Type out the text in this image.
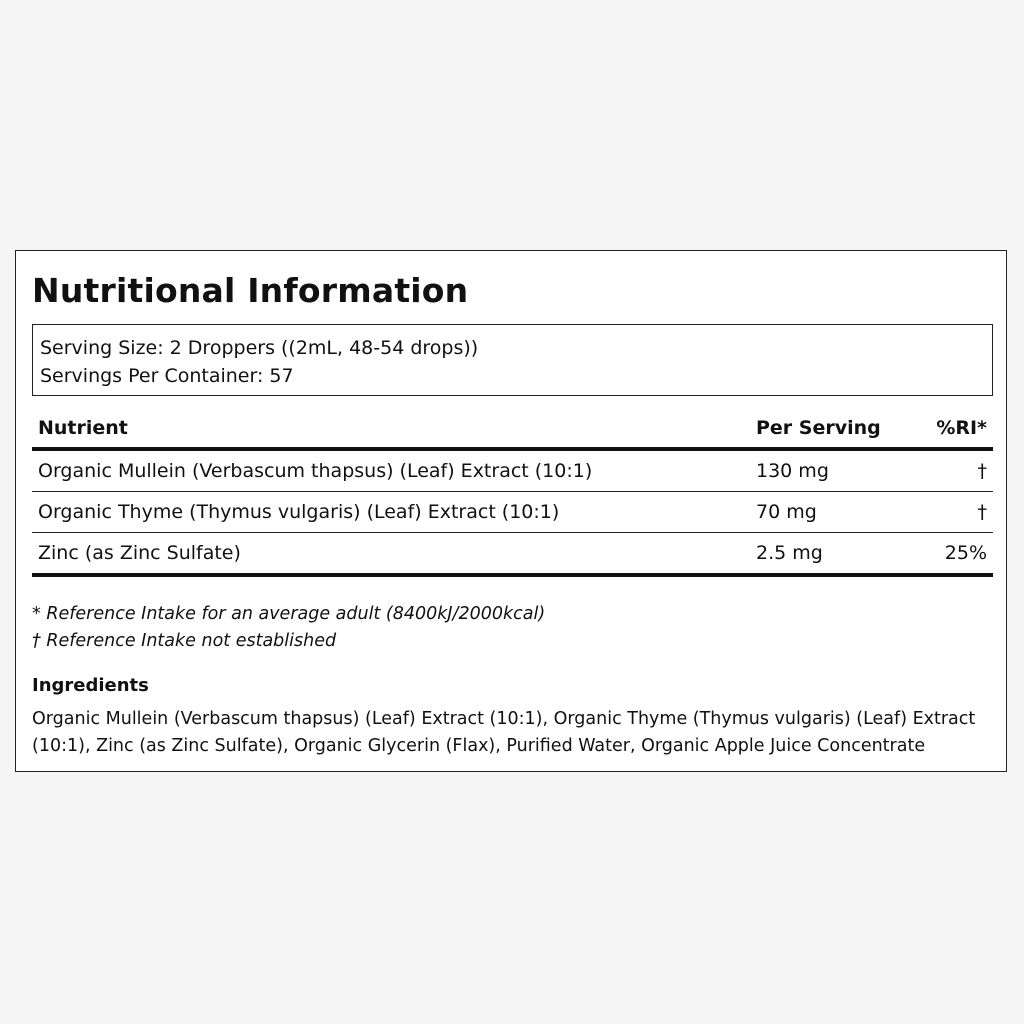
Nutritional Information
Serving Size: 2 Droppers ((2mL, 48-54 drops))
Servings Per Container: 57
Nutrient	Per Serving	%RI*
Organic Mullein (Verbascum thapsus) (Leaf) Extract (10:1)	130 mg	†
Organic Thyme (Thymus vulgaris) (Leaf) Extract (10:1)	70 mg	†
Zinc (as Zinc Sulfate)	2.5 mg	25%
* Reference Intake for an average adult (8400kJ/2000kcal)
† Reference Intake not established
Ingredients

Organic Mullein (Verbascum thapsus) (Leaf) Extract (10:1), Organic Thyme (Thymus vulgaris) (Leaf) Extract (10:1), Zinc (as Zinc Sulfate), Organic Glycerin (Flax), Purified Water, Organic Apple Juice Concentrate
